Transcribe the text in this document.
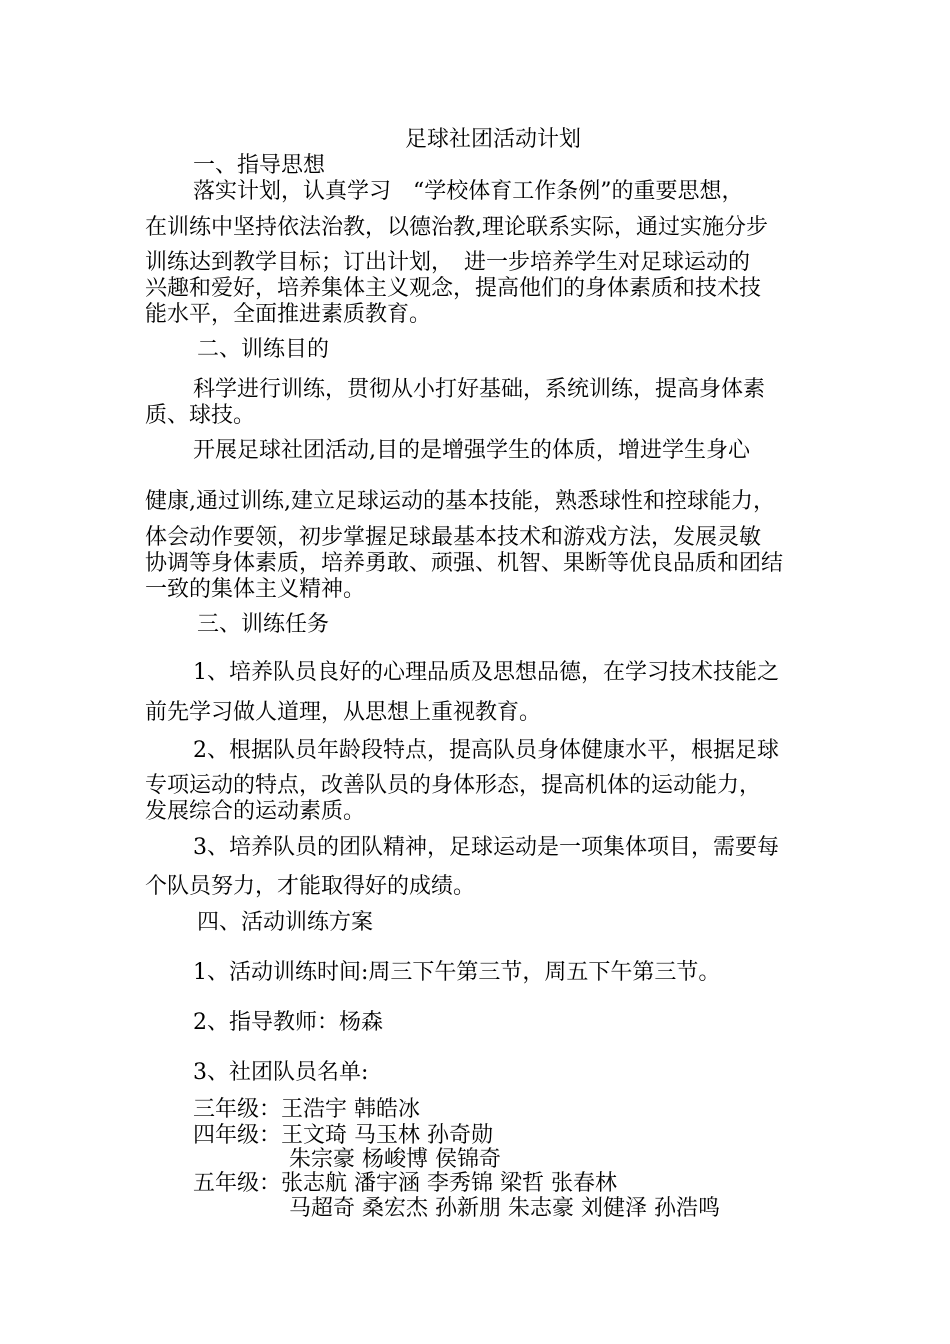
足球社团活动计划

一、指导思想

落实计划，认真学习　“学校体育工作条例”的重要思想，

在训练中坚持依法治教，以德治教,理论联系实际，通过实施分步

训练达到教学目标；订出计划，　进一步培养学生对足球运动的

兴趣和爱好，培养集体主义观念，提高他们的身体素质和技术技

能水平，全面推进素质教育。

二、训练目的

科学进行训练，贯彻从小打好基础，系统训练，提高身体素

质、球技。

开展足球社团活动,目的是增强学生的体质，增进学生身心

健康,通过训练,建立足球运动的基本技能，熟悉球性和控球能力，

体会动作要领，初步掌握足球最基本技术和游戏方法，发展灵敏

协调等身体素质，培养勇敢、顽强、机智、果断等优良品质和团结

一致的集体主义精神。

三、训练任务

1、培养队员良好的心理品质及思想品德，在学习技术技能之

前先学习做人道理，从思想上重视教育。

2、根据队员年龄段特点，提高队员身体健康水平，根据足球

专项运动的特点，改善队员的身体形态，提高机体的运动能力，

发展综合的运动素质。

3、培养队员的团队精神，足球运动是一项集体项目，需要每

个队员努力，才能取得好的成绩。

四、活动训练方案

1、活动训练时间:周三下午第三节，周五下午第三节。

2、指导教师：杨森

3、社团队员名单:

三年级：王浩宇 韩皓冰

四年级：王文琦 马玉林 孙奇勋

朱宗豪 杨峻博 侯锦奇

五年级：张志航 潘宇涵 李秀锦 梁哲 张春林

马超奇 桑宏杰 孙新朋 朱志豪 刘健泽 孙浩鸣
